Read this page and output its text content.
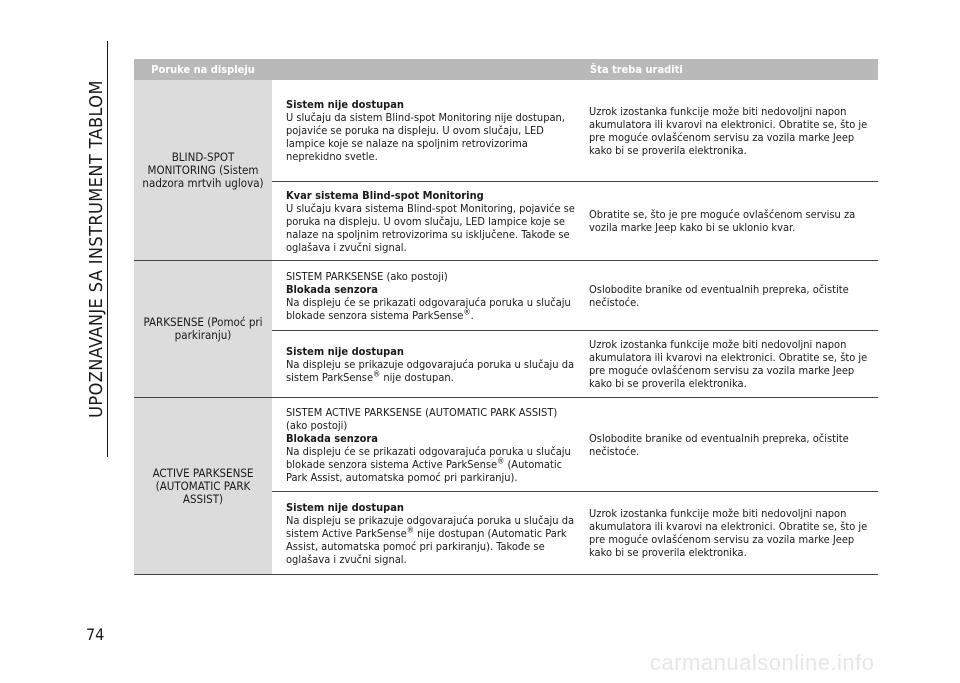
UPOZNAVANJE SA INSTRUMENT TABLOM
Poruke na displeju	Šta treba uraditi
BLIND-SPOT MONITORING (Sistem nadzora mrtvih uglova)
Sistem nije dostupan
U slučaju da sistem Blind-spot Monitoring nije dostupan, pojaviće se poruka na displeju. U ovom slučaju, LED lampice koje se nalaze na spoljnim retrovizorima neprekidno svetle.
Uzrok izostanka funkcije može biti nedovoljni napon akumulatora ili kvarovi na elektronici. Obratite se, što je pre moguće ovlašćenom servisu za vozila marke Jeep kako bi se proverila elektronika.
Kvar sistema Blind-spot Monitoring
U slučaju kvara sistema Blind-spot Monitoring, pojaviće se poruka na displeju. U ovom slučaju, LED lampice koje se nalaze na spoljnim retrovizorima su isključene. Takođe se oglašava i zvučni signal.
Obratite se, što je pre moguće ovlašćenom servisu za vozila marke Jeep kako bi se uklonio kvar.
PARKSENSE (Pomoć pri parkiranju)
SISTEM PARKSENSE (ako postoji)
Blokada senzora
Na displeju će se prikazati odgovarajuća poruka u slučaju blokade senzora sistema ParkSense®.
Oslobodite branike od eventualnih prepreka, očistite nečistoće.
Sistem nije dostupan
Na displeju se prikazuje odgovarajuća poruka u slučaju da sistem ParkSense® nije dostupan.
Uzrok izostanka funkcije može biti nedovoljni napon akumulatora ili kvarovi na elektronici. Obratite se, što je pre moguće ovlašćenom servisu za vozila marke Jeep kako bi se proverila elektronika.
ACTIVE PARKSENSE (AUTOMATIC PARK ASSIST)
SISTEM ACTIVE PARKSENSE (AUTOMATIC PARK ASSIST) (ako postoji)
Blokada senzora
Na displeju će se prikazati odgovarajuća poruka u slučaju blokade senzora sistema Active ParkSense® (Automatic Park Assist, automatska pomoć pri parkiranju).
Oslobodite branike od eventualnih prepreka, očistite nečistoće.
Sistem nije dostupan
Na displeju se prikazuje odgovarajuća poruka u slučaju da sistem Active ParkSense® nije dostupan (Automatic Park Assist, automatska pomoć pri parkiranju). Takođe se oglašava i zvučni signal.
Uzrok izostanka funkcije može biti nedovoljni napon akumulatora ili kvarovi na elektronici. Obratite se, što je pre moguće ovlašćenom servisu za vozila marke Jeep kako bi se proverila elektronika.
74
carmanualsonline.info
